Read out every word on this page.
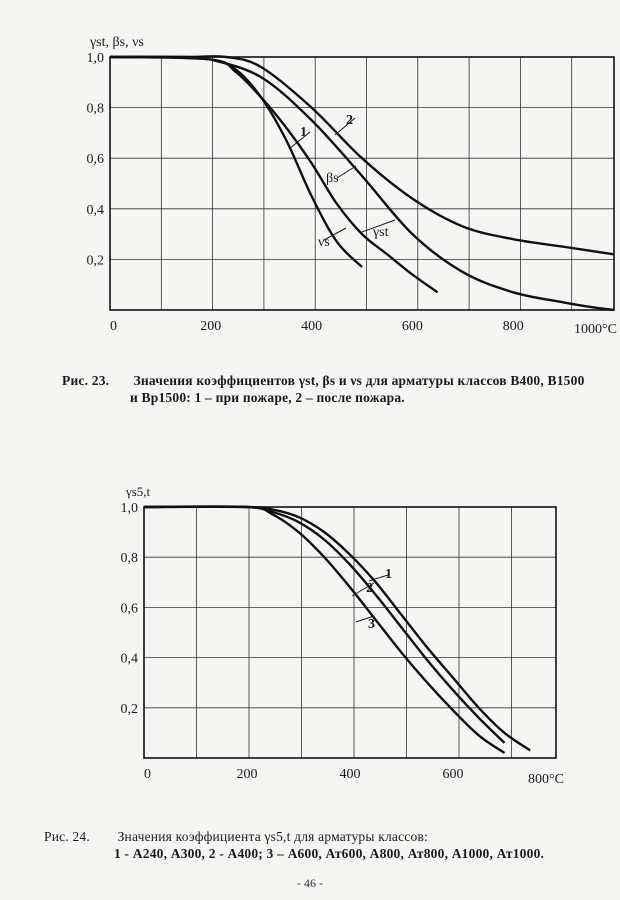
0	200	400	600	800
0,2
0,4
0,6
0,8
1,0
γst, βs, νs
1000°C
1
2
βs
γst
νs
Рис. 23. Значения коэффициентов γst, βs и νs для арматуры классов В400, В1500
и Вр1500: 1 – при пожаре, 2 – после пожара.
0	200	400	600
0,2
0,4
0,6
0,8
1,0
γs5,t
800°C
1
2
3
Рис. 24. Значения коэффициента γs5,t для арматуры классов:
1 - А240, А300, 2 - А400; 3 – А600, Ат600, А800, Ат800, А1000, Ат1000.
- 46 -
